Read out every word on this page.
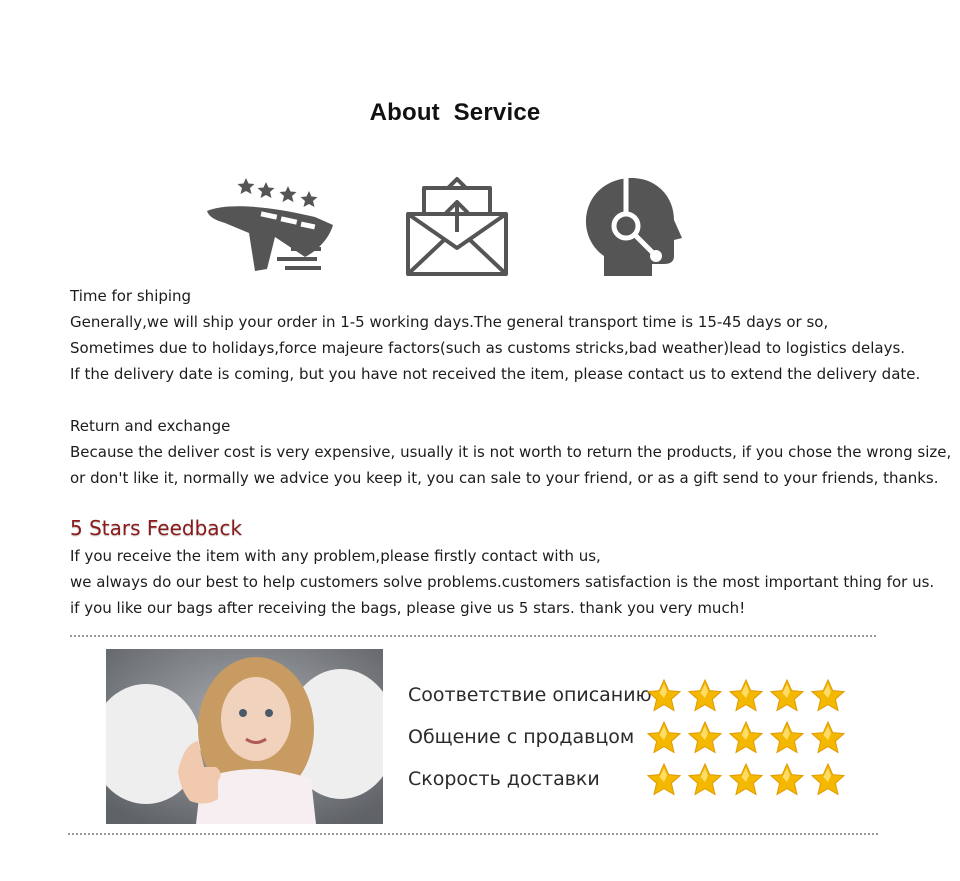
About  Service
Time for shiping
Generally,we will ship your order in 1-5 working days.The general transport time is 15-45 days or so,
Sometimes due to holidays,force majeure factors(such as customs stricks,bad weather)lead to logistics delays.
If the delivery date is coming, but you have not received the item, please contact us to extend the delivery date.
Return and exchange
Because the deliver cost is very expensive, usually it is not worth to return the products, if you chose the wrong size,
or don't like it, normally we advice you keep it, you can sale to your friend, or as a gift send to your friends, thanks.
5 Stars Feedback
If you receive the item with any problem,please firstly contact with us,
we always do our best to help customers solve problems.customers satisfaction is the most important thing for us.
if you like our bags after receiving the bags, please give us 5 stars. thank you very much!
Соответствие описанию
Общение с продавцом
Скорость доставки
